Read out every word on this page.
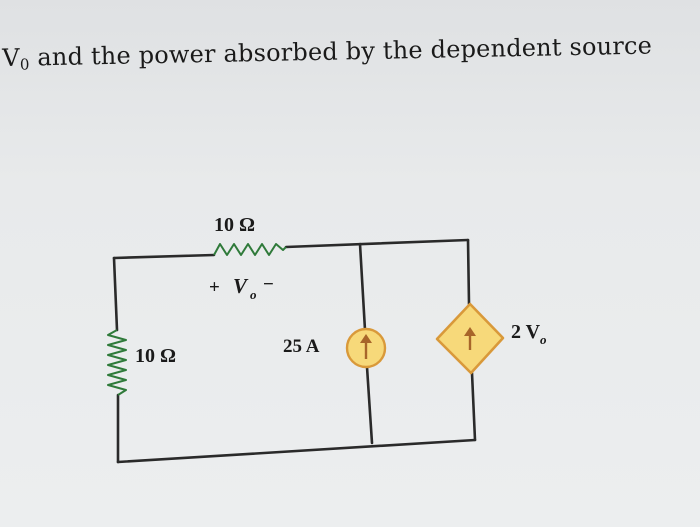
$V_0$ and the power absorbed by the dependent source
10 Ω
+ V o −
10 Ω	25 A
2 V o
